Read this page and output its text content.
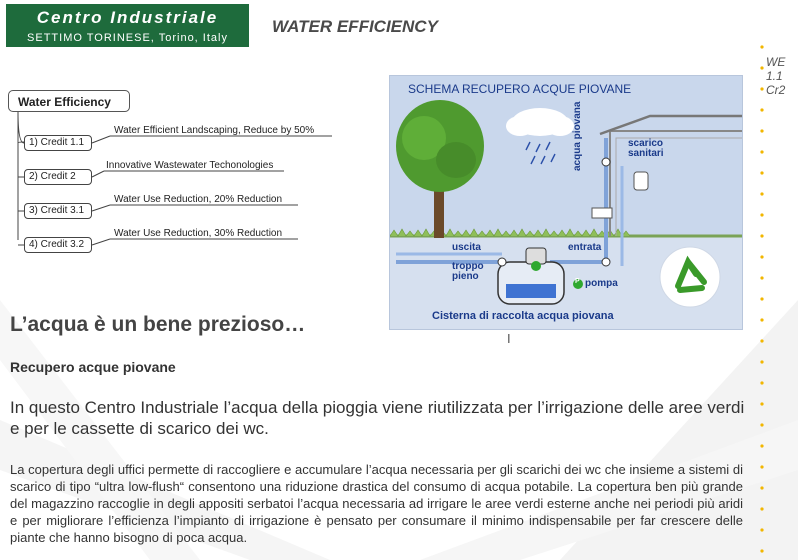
Centro Industriale
SETTIMO TORINESE, Torino, Italy
WATER EFFICIENCY
WE
1.1
Cr2
Water Efficiency
1) Credit 1.1
Water Efficient Landscaping, Reduce by 50%
2) Credit 2
Innovative Wastewater Techonologies
3) Credit 3.1
Water Use Reduction, 20% Reduction
4) Credit 3.2
Water Use Reduction, 30% Reduction
SCHEMA RECUPERO ACQUE PIOVANE
acqua piovana	scarico
sanitari
uscita	entrata
troppo
pieno	P pompa
Cisterna di raccolta acqua piovana
I
L’acqua è un bene prezioso…
Recupero acque piovane

In questo Centro Industriale l’acqua della pioggia viene riutilizzata per l’irrigazione delle aree verdi e per le cassette di scarico dei wc.

La copertura degli uffici permette di raccogliere e accumulare l’acqua necessaria per gli scarichi dei wc che insieme a sistemi di scarico di tipo “ultra low-flush“ consentono una riduzione drastica del consumo di acqua potabile. La copertura ben più grande del magazzino raccoglie in degli appositi serbatoi l’acqua necessaria ad irrigare le aree verdi esterne anche nei periodi più aridi e per migliorare l’efficienza l’impianto di irrigazione è pensato per consumare il minimo indispensabile per far crescere delle piante che hanno bisogno di poca acqua.
